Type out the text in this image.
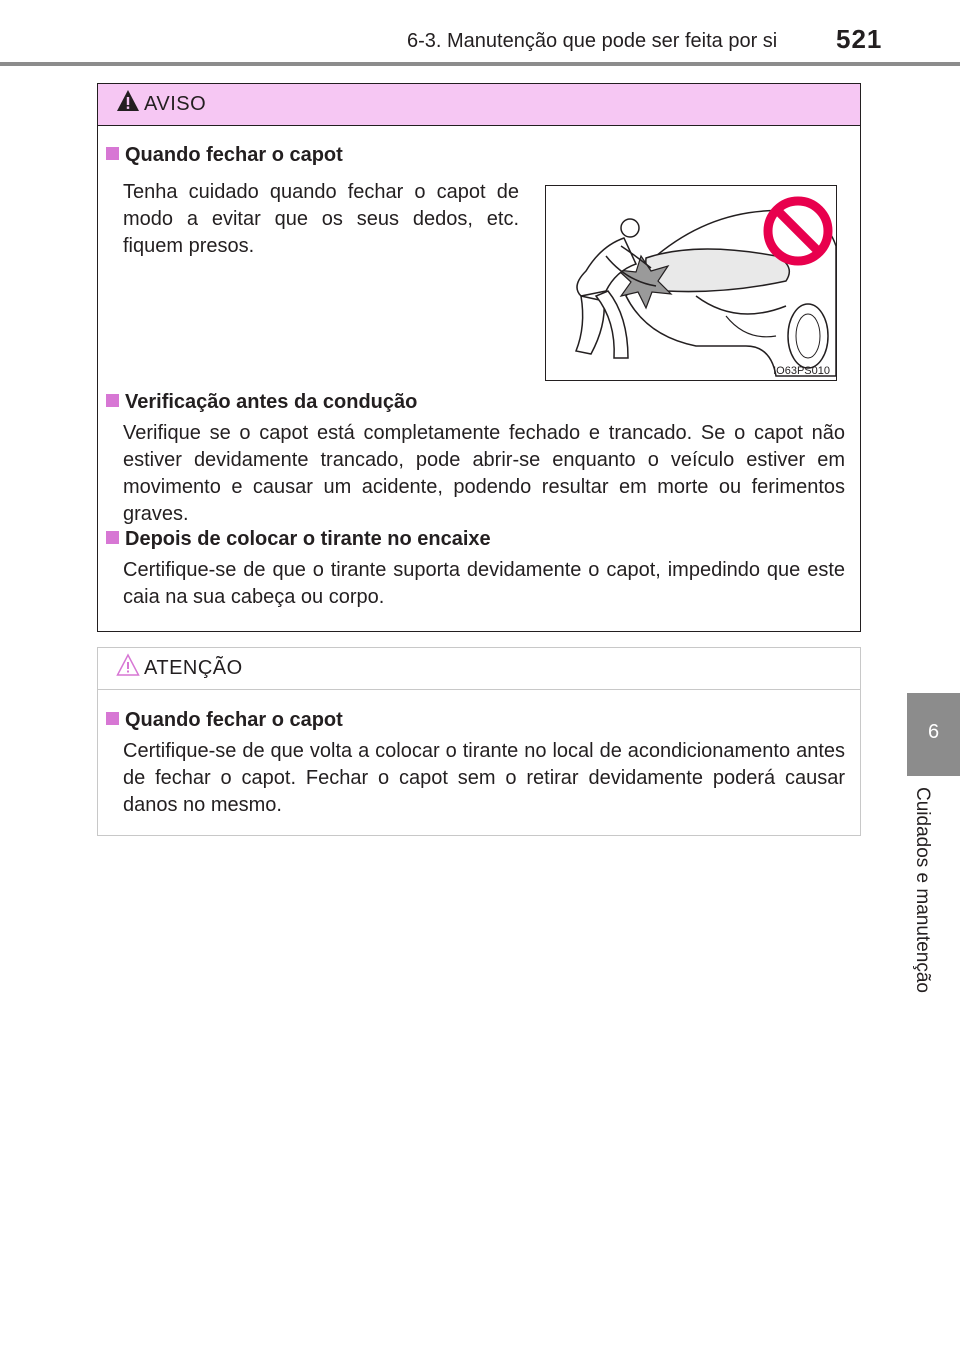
6-3. Manutenção que pode ser feita por si 521
6
Cuidados e manutenção
AVISO
Quando fechar o capot
Tenha cuidado quando fechar o capot de modo a evitar que os seus dedos, etc. fiquem presos.
IO63PS010
Verificação antes da condução
Verifique se o capot está completamente fechado e trancado. Se o capot não estiver devidamente trancado, pode abrir-se enquanto o veículo estiver em movimento e causar um acidente, podendo resultar em morte ou ferimentos graves.
Depois de colocar o tirante no encaixe
Certifique-se de que o tirante suporta devidamente o capot, impedindo que este caia na sua cabeça ou corpo.
ATENÇÃO
Quando fechar o capot
Certifique-se de que volta a colocar o tirante no local de acondicionamento antes de fechar o capot. Fechar o capot sem o retirar devidamente poderá causar danos no mesmo.
